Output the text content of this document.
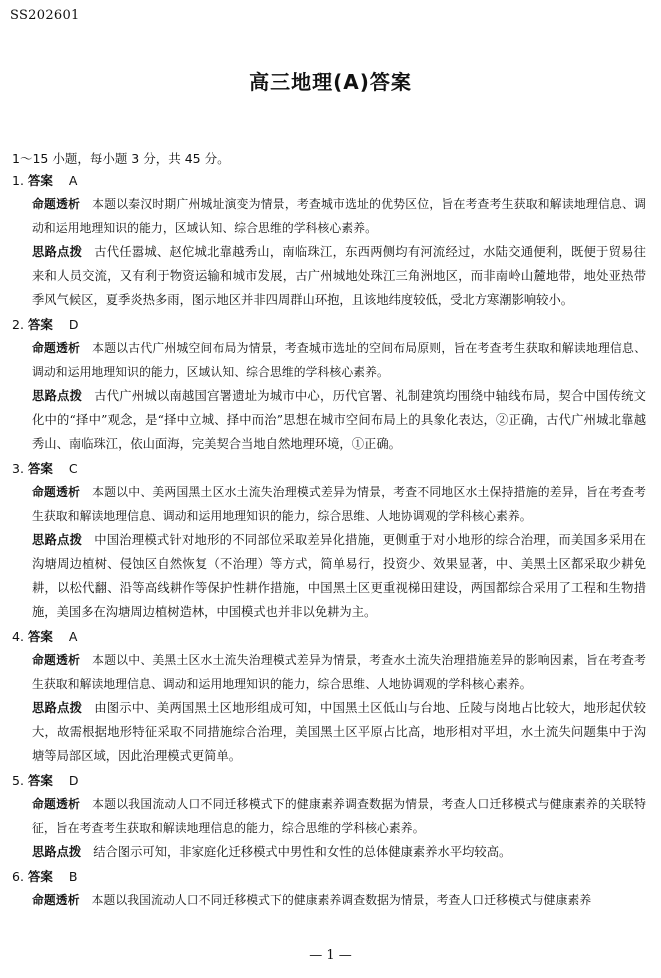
SS202601
高三地理(A)答案
1～15 小题，每小题 3 分，共 45 分。
1. 答案 A
命题透析 本题以秦汉时期广州城址演变为情景，考查城市选址的优势区位，旨在考查考生获取和解读地理信息、调动和运用地理知识的能力，区域认知、综合思维的学科核心素养。
思路点拨 古代任嚣城、赵佗城北靠越秀山，南临珠江，东西两侧均有河流经过，水陆交通便利，既便于贸易往来和人员交流，又有利于物资运输和城市发展，古广州城地处珠江三角洲地区，而非南岭山麓地带，地处亚热带季风气候区，夏季炎热多雨，图示地区并非四周群山环抱，且该地纬度较低，受北方寒潮影响较小。
2. 答案 D
命题透析 本题以古代广州城空间布局为情景，考查城市选址的空间布局原则，旨在考查考生获取和解读地理信息、调动和运用地理知识的能力，区域认知、综合思维的学科核心素养。
思路点拨 古代广州城以南越国宫署遗址为城市中心，历代官署、礼制建筑均围绕中轴线布局，契合中国传统文化中的“择中”观念，是“择中立城、择中而治”思想在城市空间布局上的具象化表达，②正确，古代广州城北靠越秀山、南临珠江，依山面海，完美契合当地自然地理环境，①正确。
3. 答案 C
命题透析 本题以中、美两国黑土区水土流失治理模式差异为情景，考查不同地区水土保持措施的差异，旨在考查考生获取和解读地理信息、调动和运用地理知识的能力，综合思维、人地协调观的学科核心素养。
思路点拨 中国治理模式针对地形的不同部位采取差异化措施，更侧重于对小地形的综合治理，而美国多采用在沟塘周边植树、侵蚀区自然恢复（不治理）等方式，简单易行，投资少、效果显著，中、美黑土区都采取少耕免耕，以松代翻、沿等高线耕作等保护性耕作措施，中国黑土区更重视梯田建设，两国都综合采用了工程和生物措施，美国多在沟塘周边植树造林，中国模式也并非以免耕为主。
4. 答案 A
命题透析 本题以中、美黑土区水土流失治理模式差异为情景，考查水土流失治理措施差异的影响因素，旨在考查考生获取和解读地理信息、调动和运用地理知识的能力，综合思维、人地协调观的学科核心素养。
思路点拨 由图示中、美两国黑土区地形组成可知，中国黑土区低山与台地、丘陵与岗地占比较大，地形起伏较大，故需根据地形特征采取不同措施综合治理，美国黑土区平原占比高，地形相对平坦，水土流失问题集中于沟塘等局部区域，因此治理模式更简单。
5. 答案 D
命题透析 本题以我国流动人口不同迁移模式下的健康素养调查数据为情景，考查人口迁移模式与健康素养的关联特征，旨在考查考生获取和解读地理信息的能力，综合思维的学科核心素养。
思路点拨 结合图示可知，非家庭化迁移模式中男性和女性的总体健康素养水平均较高。
6. 答案 B
命题透析 本题以我国流动人口不同迁移模式下的健康素养调查数据为情景，考查人口迁移模式与健康素养
— 1 —
